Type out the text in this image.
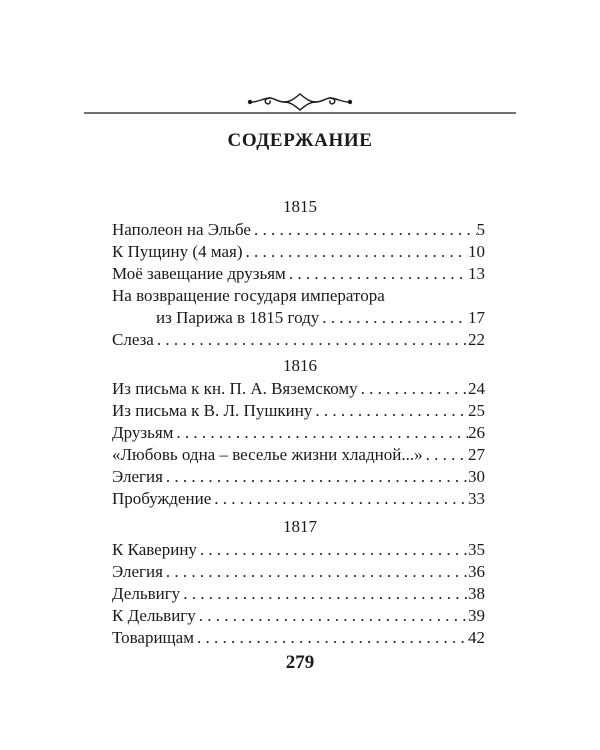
СОДЕРЖАНИЕ
1815
Наполеон на Эльбе . . .	5
К Пущину (4 мая) . . .	10
Моё завещание друзьям . . .	13
На возвращение государя императора
из Парижа в 1815 году . . .	17
Слеза . . .	22
1816
Из письма к кн. П. А. Вяземскому . . .	24
Из письма к В. Л. Пушкину . . .	25
Друзьям . . .	26
«Любовь одна – веселье жизни хладной...» . . .	27
Элегия . . .	30
Пробуждение . . .	33
1817
К Каверину . . .	35
Элегия . . .	36
Дельвигу . . .	38
К Дельвигу . . .	39
Товарищам . . .	42
279
